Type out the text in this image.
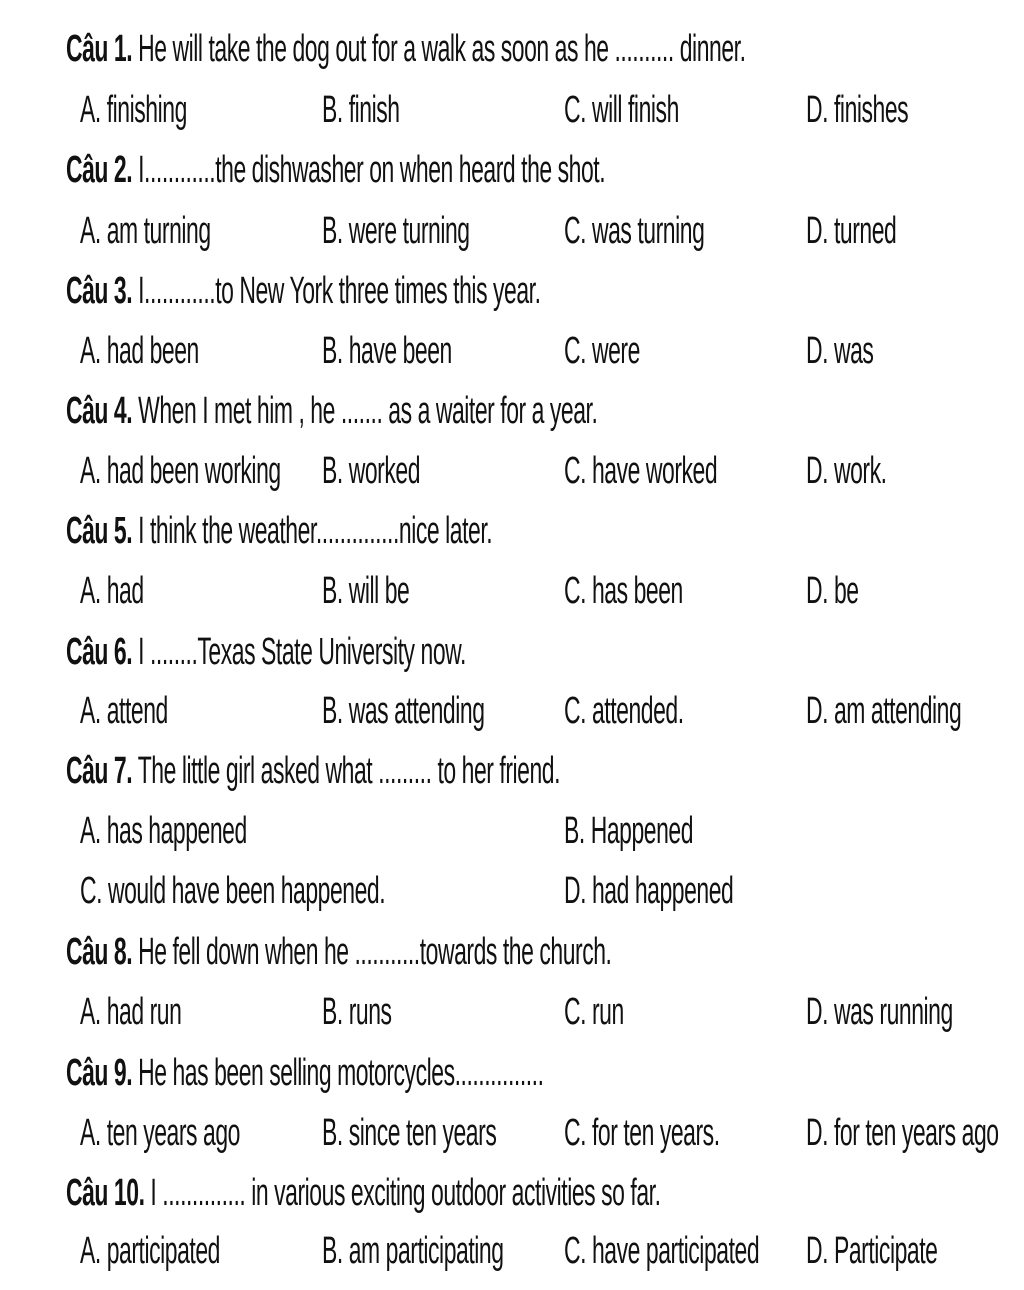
Câu 1. He will take the dog out for a walk as soon as he .......... dinner.
A. finishing	B. finish	C. will finish	D. finishes
Câu 2. I............the dishwasher on when heard the shot.
A. am turning	B. were turning	C. was turning	D. turned
Câu 3. I............to New York three times this year.
A. had been	B. have been	C. were	D. was
Câu 4. When I met him , he ....... as a waiter for a year.
A. had been working B. worked	C. have worked	D. work.
Câu 5. I think the weather..............nice later.
A. had	B. will be	C. has been	D. be
Câu 6. I ........Texas State University now.
A. attend	B. was attending	C. attended.	D. am attending
Câu 7. The little girl asked what ......... to her friend.
A. has happened	B. Happened
C. would have been happened.	D. had happened
Câu 8. He fell down when he ...........towards the church.
A. had run	B. runs	C. run	D. was running
Câu 9. He has been selling motorcycles...............
A. ten years ago	B. since ten years C. for ten years.	D. for ten years ago
Câu 10. I .............. in various exciting outdoor activities so far.
A. participated	B. am participating C. have participated D. Participate
